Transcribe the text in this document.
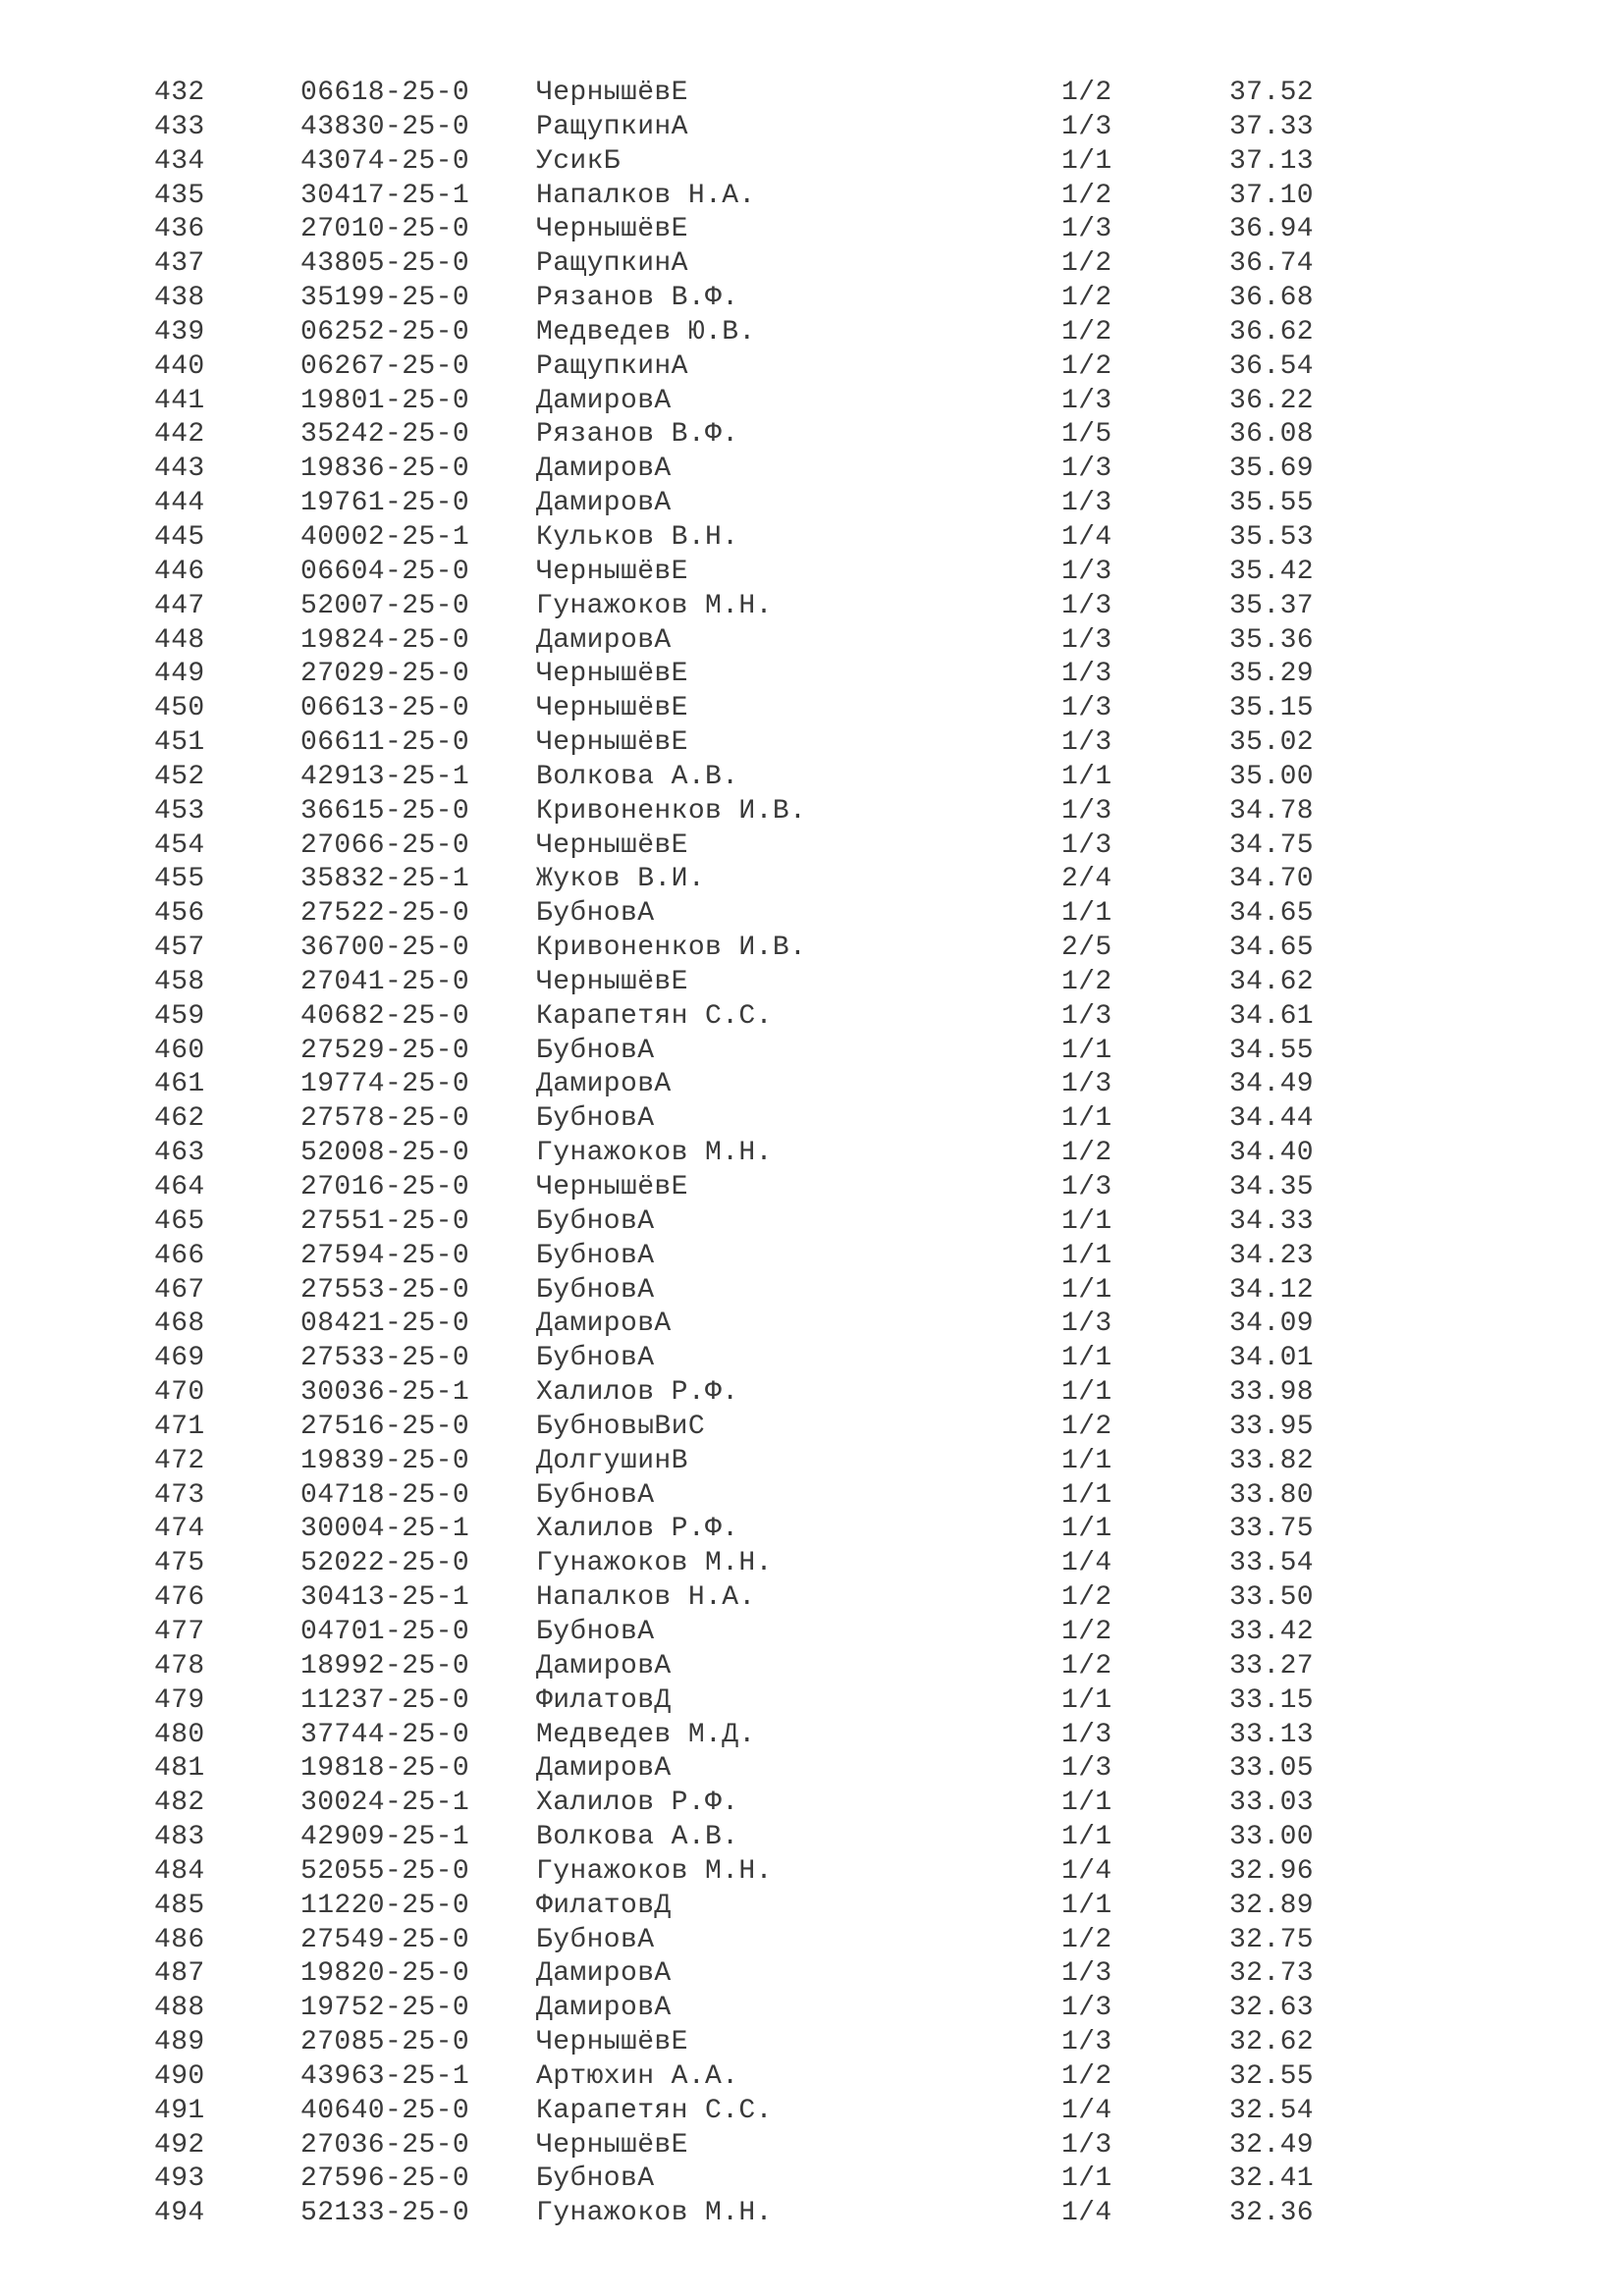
432	06618-25-0 ЧернышёвЕ	1/2	37.52
433	43830-25-0 РащупкинА	1/3	37.33
434	43074-25-0 УсикБ	1/1	37.13
435	30417-25-1 Напалков Н.А.	1/2	37.10
436	27010-25-0 ЧернышёвЕ	1/3	36.94
437	43805-25-0 РащупкинА	1/2	36.74
438	35199-25-0 Рязанов В.Ф.	1/2	36.68
439	06252-25-0 Медведев Ю.В.	1/2	36.62
440	06267-25-0 РащупкинА	1/2	36.54
441	19801-25-0 ДамировА	1/3	36.22
442	35242-25-0 Рязанов В.Ф.	1/5	36.08
443	19836-25-0 ДамировА	1/3	35.69
444	19761-25-0 ДамировА	1/3	35.55
445	40002-25-1 Кульков В.Н.	1/4	35.53
446	06604-25-0 ЧернышёвЕ	1/3	35.42
447	52007-25-0 Гунажоков М.Н.	1/3	35.37
448	19824-25-0 ДамировА	1/3	35.36
449	27029-25-0 ЧернышёвЕ	1/3	35.29
450	06613-25-0 ЧернышёвЕ	1/3	35.15
451	06611-25-0 ЧернышёвЕ	1/3	35.02
452	42913-25-1 Волкова А.В.	1/1	35.00
453	36615-25-0 Кривоненков И.В.	1/3	34.78
454	27066-25-0 ЧернышёвЕ	1/3	34.75
455	35832-25-1 Жуков В.И.	2/4	34.70
456	27522-25-0 БубновА	1/1	34.65
457	36700-25-0 Кривоненков И.В.	2/5	34.65
458	27041-25-0 ЧернышёвЕ	1/2	34.62
459	40682-25-0 Карапетян С.С.	1/3	34.61
460	27529-25-0 БубновА	1/1	34.55
461	19774-25-0 ДамировА	1/3	34.49
462	27578-25-0 БубновА	1/1	34.44
463	52008-25-0 Гунажоков М.Н.	1/2	34.40
464	27016-25-0 ЧернышёвЕ	1/3	34.35
465	27551-25-0 БубновА	1/1	34.33
466	27594-25-0 БубновА	1/1	34.23
467	27553-25-0 БубновА	1/1	34.12
468	08421-25-0 ДамировА	1/3	34.09
469	27533-25-0 БубновА	1/1	34.01
470	30036-25-1 Халилов Р.Ф.	1/1	33.98
471	27516-25-0 БубновыВиС	1/2	33.95
472	19839-25-0 ДолгушинВ	1/1	33.82
473	04718-25-0 БубновА	1/1	33.80
474	30004-25-1 Халилов Р.Ф.	1/1	33.75
475	52022-25-0 Гунажоков М.Н.	1/4	33.54
476	30413-25-1 Напалков Н.А.	1/2	33.50
477	04701-25-0 БубновА	1/2	33.42
478	18992-25-0 ДамировА	1/2	33.27
479	11237-25-0 ФилатовД	1/1	33.15
480	37744-25-0 Медведев М.Д.	1/3	33.13
481	19818-25-0 ДамировА	1/3	33.05
482	30024-25-1 Халилов Р.Ф.	1/1	33.03
483	42909-25-1 Волкова А.В.	1/1	33.00
484	52055-25-0 Гунажоков М.Н.	1/4	32.96
485	11220-25-0 ФилатовД	1/1	32.89
486	27549-25-0 БубновА	1/2	32.75
487	19820-25-0 ДамировА	1/3	32.73
488	19752-25-0 ДамировА	1/3	32.63
489	27085-25-0 ЧернышёвЕ	1/3	32.62
490	43963-25-1 Артюхин А.А.	1/2	32.55
491	40640-25-0 Карапетян С.С.	1/4	32.54
492	27036-25-0 ЧернышёвЕ	1/3	32.49
493	27596-25-0 БубновА	1/1	32.41
494	52133-25-0 Гунажоков М.Н.	1/4	32.36
